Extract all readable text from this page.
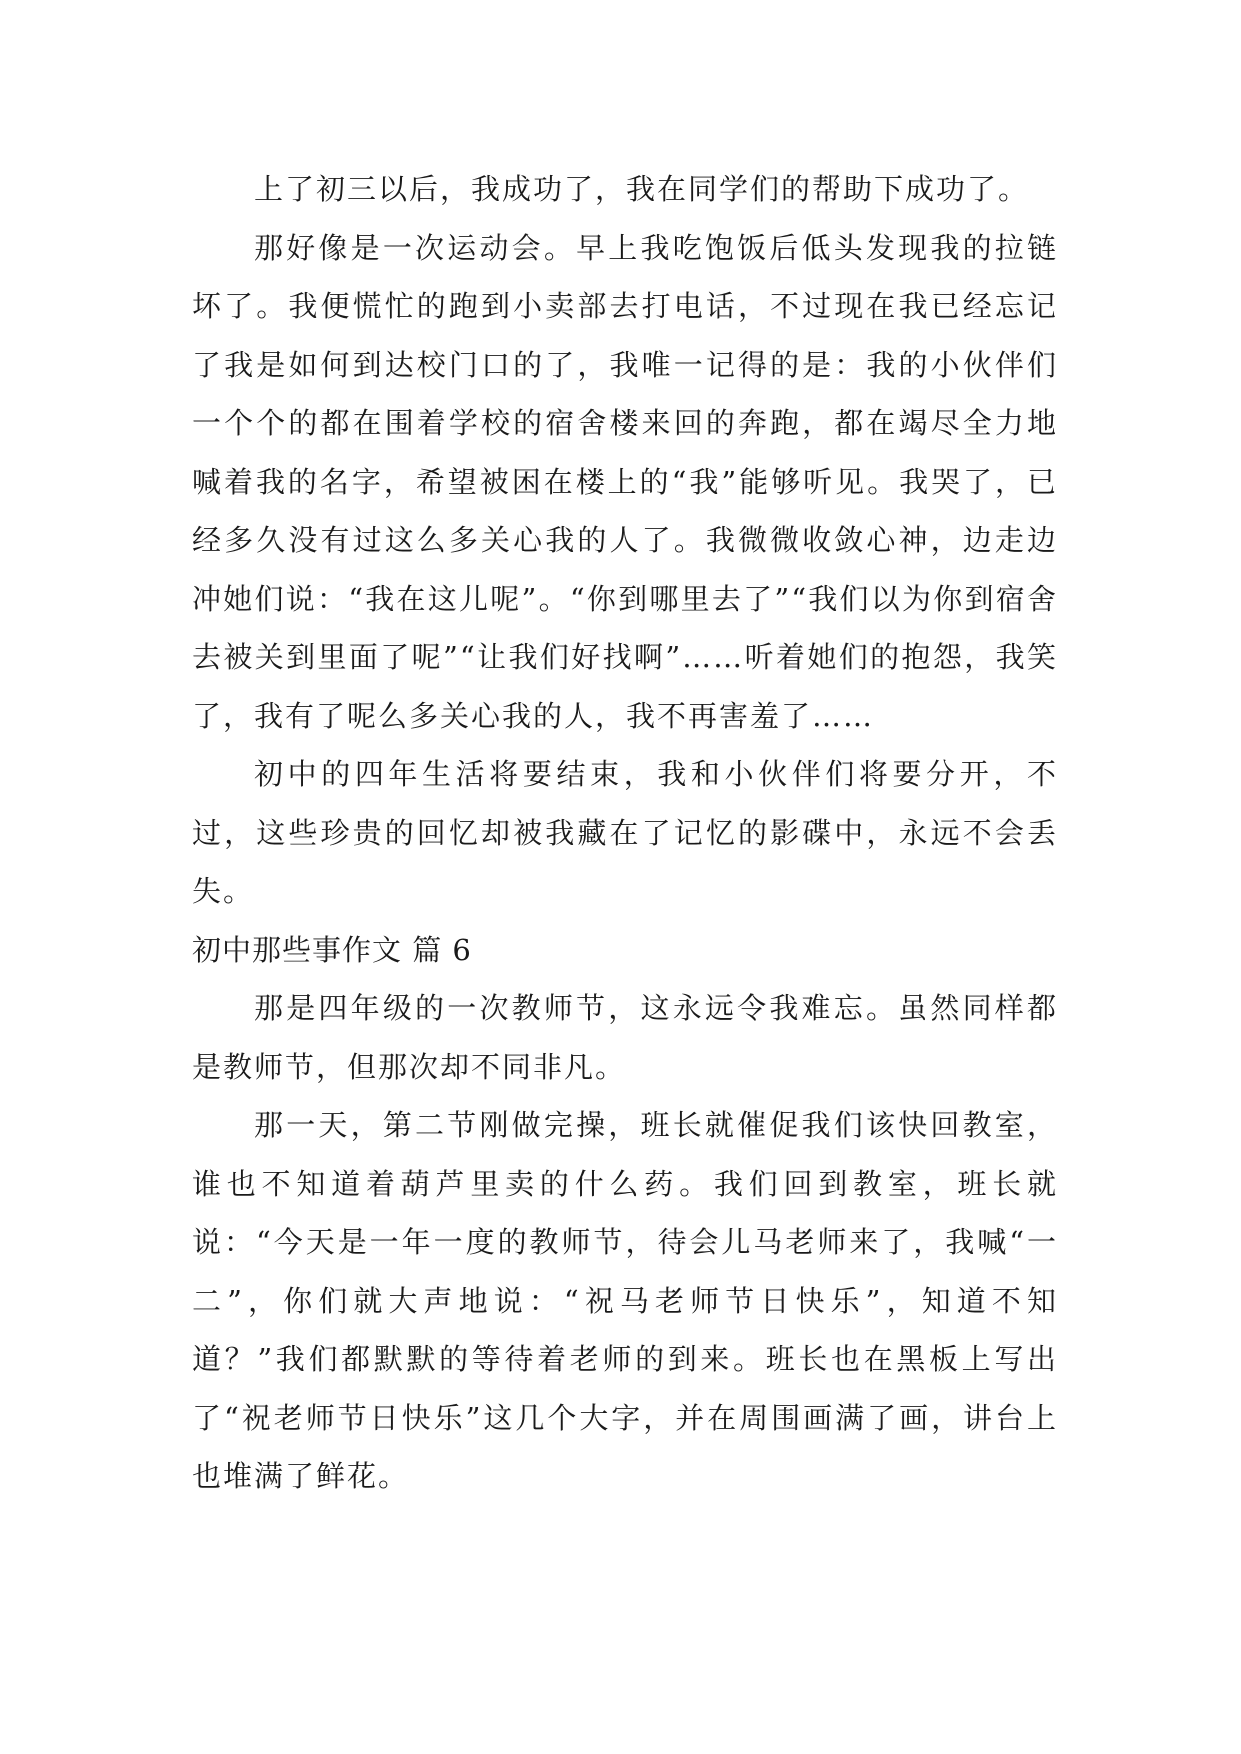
上了初三以后，我成功了，我在同学们的帮助下成功了。

那好像是一次运动会。早上我吃饱饭后低头发现我的拉链坏了。我便慌忙的跑到小卖部去打电话，不过现在我已经忘记了我是如何到达校门口的了，我唯一记得的是：我的小伙伴们一个个的都在围着学校的宿舍楼来回的奔跑，都在竭尽全力地喊着我的名字，希望被困在楼上的“我”能够听见。我哭了，已经多久没有过这么多关心我的人了。我微微收敛心神，边走边冲她们说：“我在这儿呢”。“你到哪里去了”“我们以为你到宿舍去被关到里面了呢”“让我们好找啊”……听着她们的抱怨，我笑了，我有了呢么多关心我的人，我不再害羞了……

初中的四年生活将要结束，我和小伙伴们将要分开，不过，这些珍贵的回忆却被我藏在了记忆的影碟中，永远不会丢失。

初中那些事作文 篇 6

那是四年级的一次教师节，这永远令我难忘。虽然同样都是教师节，但那次却不同非凡。

那一天，第二节刚做完操，班长就催促我们该快回教室，谁也不知道着葫芦里卖的什么药。我们回到教室，班长就说：“今天是一年一度的教师节，待会儿马老师来了，我喊“一二”，你们就大声地说：“祝马老师节日快乐”，知道不知道？”我们都默默的等待着老师的到来。班长也在黑板上写出了“祝老师节日快乐”这几个大字，并在周围画满了画，讲台上也堆满了鲜花。
